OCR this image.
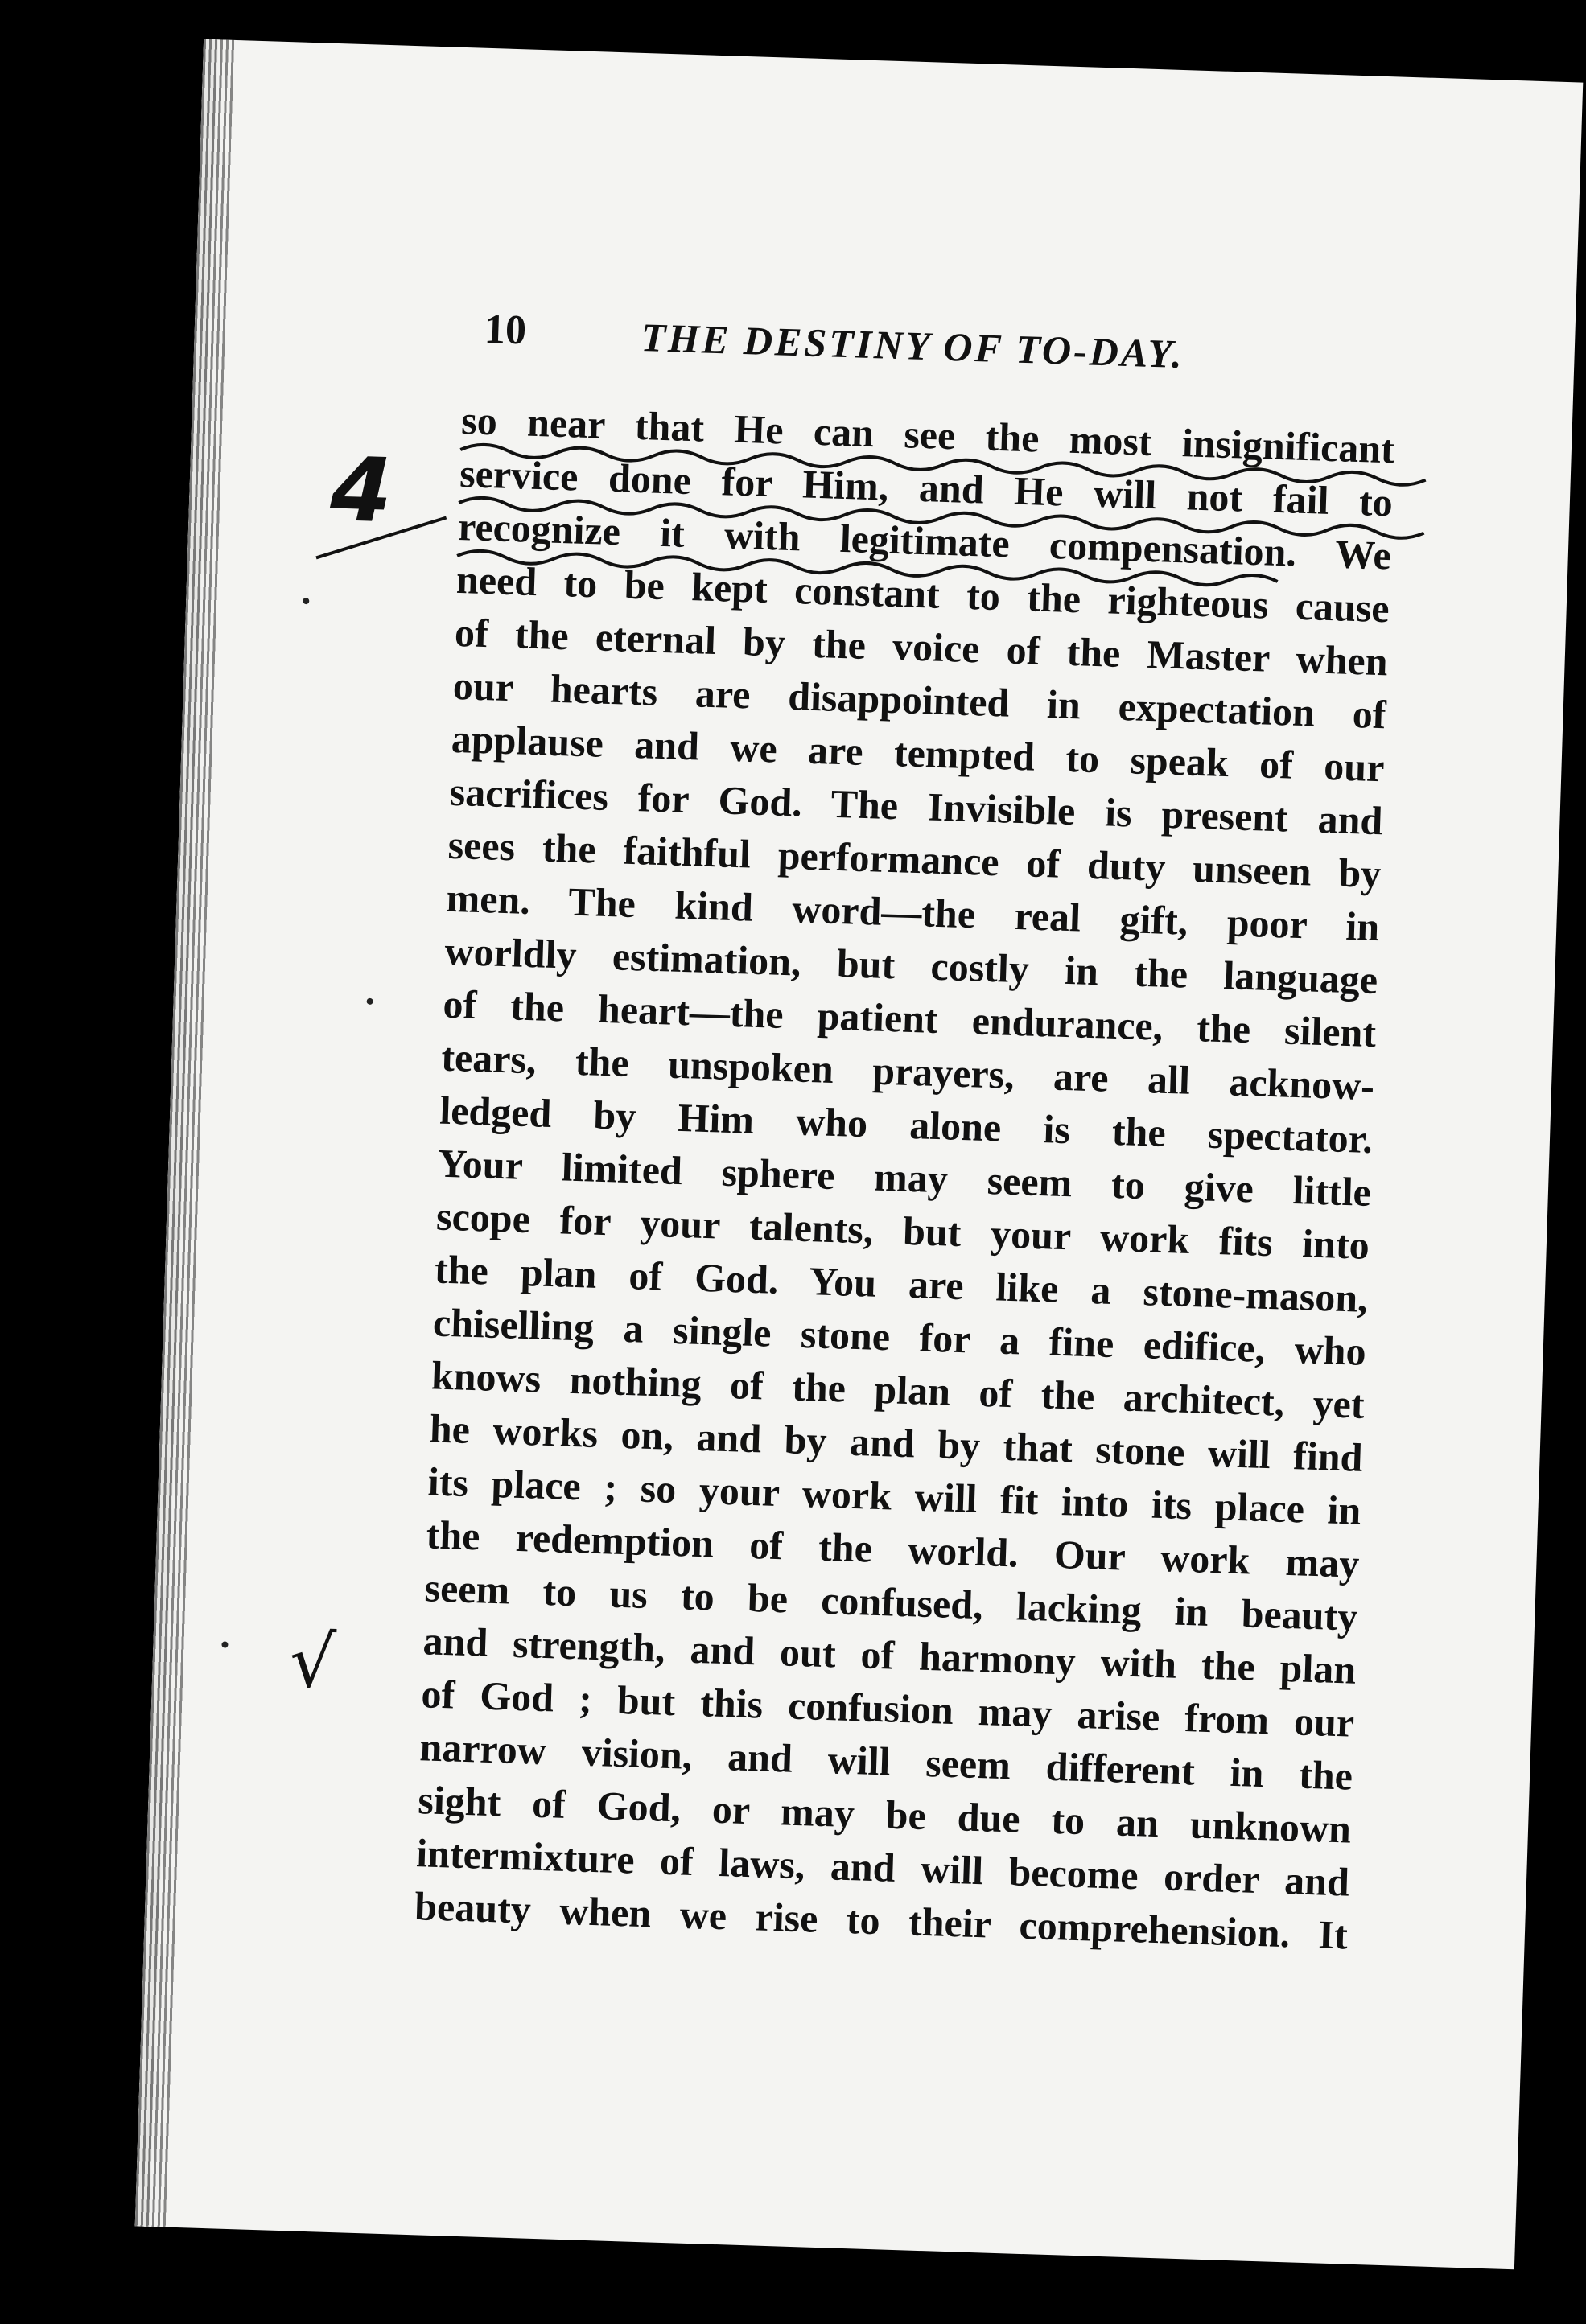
10	THE DESTINY OF TO-DAY.
so near that He can see the most insignificant
service done for Him, and He will not fail to
recognize it with legitimate compensation. We
need to be kept constant to the righteous cause
of the eternal by the voice of the Master when
our hearts are disappointed in expectation of
applause and we are tempted to speak of our
sacrifices for God. The Invisible is present and
sees the faithful performance of duty unseen by
men. The kind word—the real gift, poor in
worldly estimation, but costly in the language
of the heart—the patient endurance, the silent
tears, the unspoken prayers, are all acknow-
ledged by Him who alone is the spectator.
Your limited sphere may seem to give little
scope for your talents, but your work fits into
the plan of God. You are like a stone-mason,
chiselling a single stone for a fine edifice, who
knows nothing of the plan of the architect, yet
he works on, and by and by that stone will find
its place ; so your work will fit into its place in
the redemption of the world. Our work may
seem to us to be confused, lacking in beauty
and strength, and out of harmony with the plan
of God ; but this confusion may arise from our
narrow vision, and will seem different in the
sight of God, or may be due to an unknown
intermixture of laws, and will become order and
beauty when we rise to their comprehension. It
4
√
